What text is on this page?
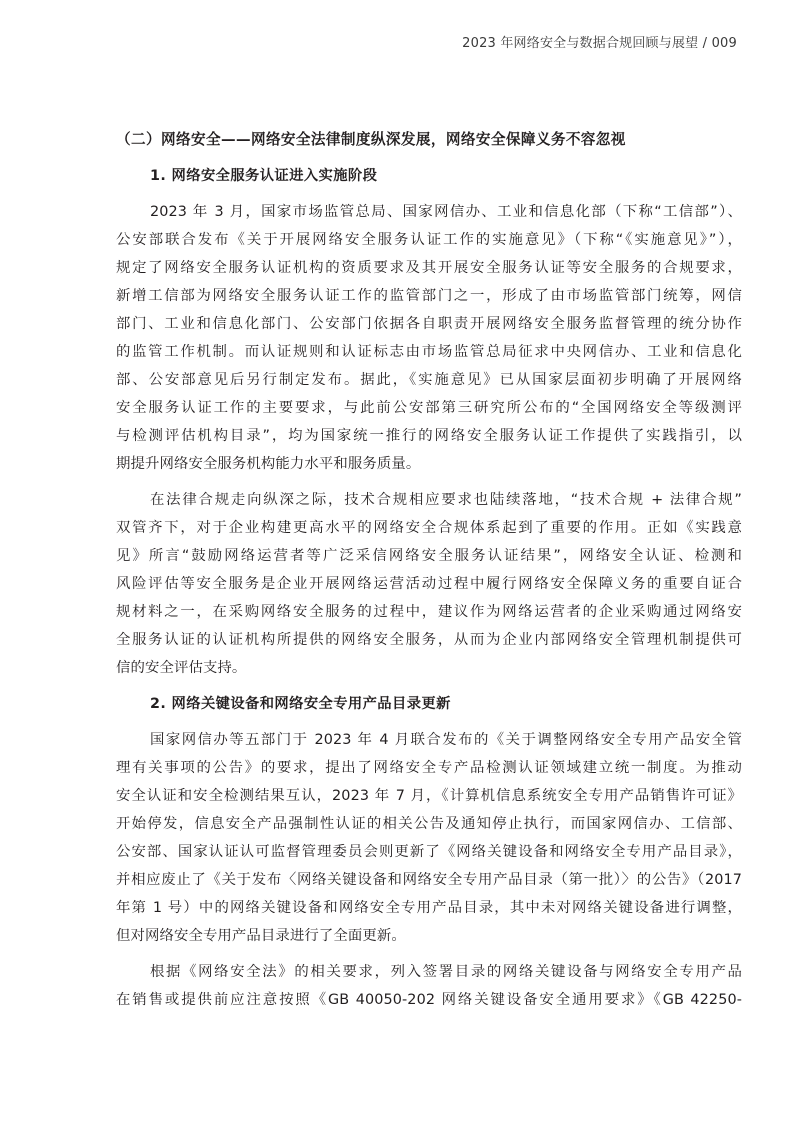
2023 年网络安全与数据合规回顾与展望 / 009
（二）网络安全——网络安全法律制度纵深发展，网络安全保障义务不容忽视
1. 网络安全服务认证进入实施阶段
2023 年 3 月，国家市场监管总局、国家网信办、工业和信息化部（下称“工信部”）、
公安部联合发布《关于开展网络安全服务认证工作的实施意见》（下称“《实施意见》”），
规定了网络安全服务认证机构的资质要求及其开展安全服务认证等安全服务的合规要求，
新增工信部为网络安全服务认证工作的监管部门之一，形成了由市场监管部门统筹，网信
部门、工业和信息化部门、公安部门依据各自职责开展网络安全服务监督管理的统分协作
的监管工作机制。而认证规则和认证标志由市场监管总局征求中央网信办、工业和信息化
部、公安部意见后另行制定发布。据此，《实施意见》已从国家层面初步明确了开展网络
安全服务认证工作的主要要求，与此前公安部第三研究所公布的“全国网络安全等级测评
与检测评估机构目录”，均为国家统一推行的网络安全服务认证工作提供了实践指引，以
期提升网络安全服务机构能力水平和服务质量。
在法律合规走向纵深之际，技术合规相应要求也陆续落地，“技术合规 + 法律合规”
双管齐下，对于企业构建更高水平的网络安全合规体系起到了重要的作用。正如《实践意
见》所言“鼓励网络运营者等广泛采信网络安全服务认证结果”，网络安全认证、检测和
风险评估等安全服务是企业开展网络运营活动过程中履行网络安全保障义务的重要自证合
规材料之一，在采购网络安全服务的过程中，建议作为网络运营者的企业采购通过网络安
全服务认证的认证机构所提供的网络安全服务，从而为企业内部网络安全管理机制提供可
信的安全评估支持。
2. 网络关键设备和网络安全专用产品目录更新
国家网信办等五部门于 2023 年 4 月联合发布的《关于调整网络安全专用产品安全管
理有关事项的公告》的要求，提出了网络安全专产品检测认证领域建立统一制度。为推动
安全认证和安全检测结果互认，2023 年 7 月，《计算机信息系统安全专用产品销售许可证》
开始停发，信息安全产品强制性认证的相关公告及通知停止执行，而国家网信办、工信部、
公安部、国家认证认可监督管理委员会则更新了《网络关键设备和网络安全专用产品目录》，
并相应废止了《关于发布〈网络关键设备和网络安全专用产品目录（第一批）〉的公告》（2017
年第 1 号）中的网络关键设备和网络安全专用产品目录，其中未对网络关键设备进行调整，
但对网络安全专用产品目录进行了全面更新。
根据《网络安全法》的相关要求，列入签署目录的网络关键设备与网络安全专用产品
在销售或提供前应注意按照《GB 40050-202 网络关键设备安全通用要求》《GB 42250-
